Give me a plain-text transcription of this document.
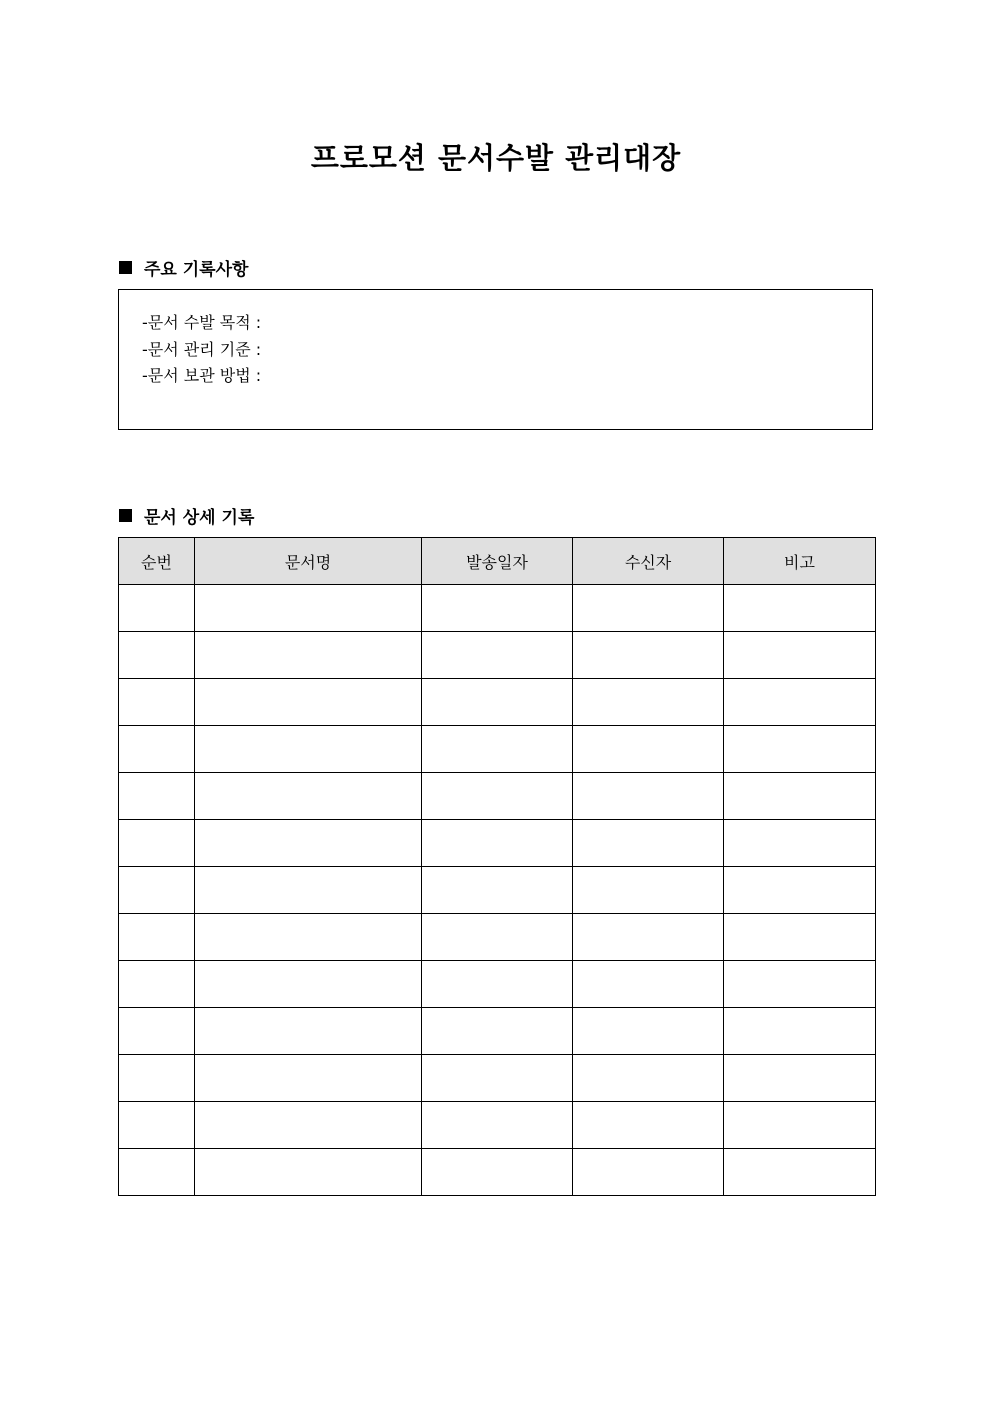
프로모션 문서수발 관리대장
주요 기록사항
-문서 수발 목적 :
-문서 관리 기준 :
-문서 보관 방법 :
문서 상세 기록
순번	문서명	발송일자	수신자	비고
